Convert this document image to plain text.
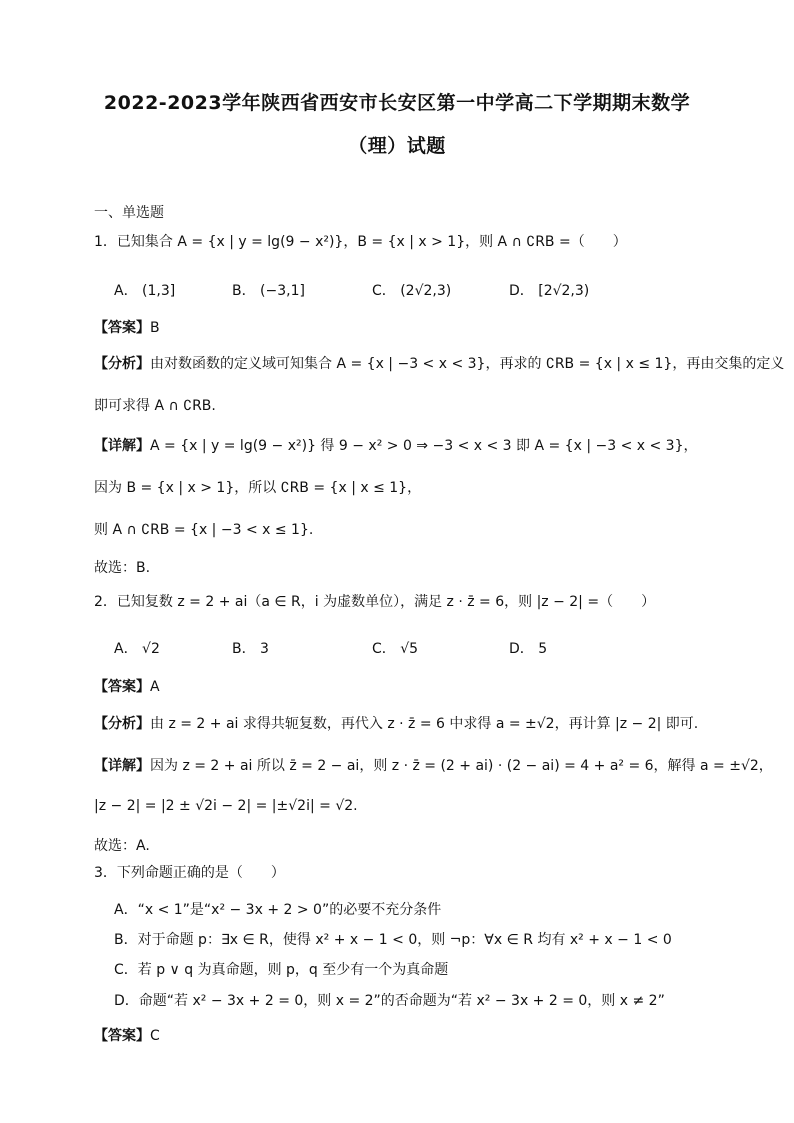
2022-2023学年陕西省西安市长安区第一中学高二下学期期末数学
（理）试题
一、单选题
1．已知集合 A = {x | y = lg(9 − x²)}，B = {x | x > 1}，则 A ∩ ∁RB =（　　）
A． (1,3]	B． (−3,1]	C． (2√2,3)	D． [2√2,3)
【答案】B
【分析】由对数函数的定义域可知集合 A = {x | −3 < x < 3}，再求的 ∁RB = {x | x ≤ 1}，再由交集的定义
即可求得 A ∩ ∁RB.
【详解】A = {x | y = lg(9 − x²)} 得 9 − x² > 0 ⇒ −3 < x < 3 即 A = {x | −3 < x < 3}，
因为 B = {x | x > 1}，所以 ∁RB = {x | x ≤ 1}，
则 A ∩ ∁RB = {x | −3 < x ≤ 1}.
故选：B.
2．已知复数 z = 2 + ai（a ∈ R，i 为虚数单位），满足 z · z̄ = 6，则 |z − 2| =（　　）
A． √2	B． 3	C． √5	D． 5
【答案】A
【分析】由 z = 2 + ai 求得共轭复数，再代入 z · z̄ = 6 中求得 a = ±√2，再计算 |z − 2| 即可.
【详解】因为 z = 2 + ai 所以 z̄ = 2 − ai，则 z · z̄ = (2 + ai) · (2 − ai) = 4 + a² = 6，解得 a = ±√2，
|z − 2| = |2 ± √2i − 2| = |±√2i| = √2.
故选：A.
3．下列命题正确的是（　　）
A．“x < 1”是“x² − 3x + 2 > 0”的必要不充分条件
B．对于命题 p：∃x ∈ R，使得 x² + x − 1 < 0，则 ¬p：∀x ∈ R 均有 x² + x − 1 < 0
C．若 p ∨ q 为真命题，则 p，q 至少有一个为真命题
D．命题“若 x² − 3x + 2 = 0，则 x = 2”的否命题为“若 x² − 3x + 2 = 0，则 x ≠ 2”
【答案】C
